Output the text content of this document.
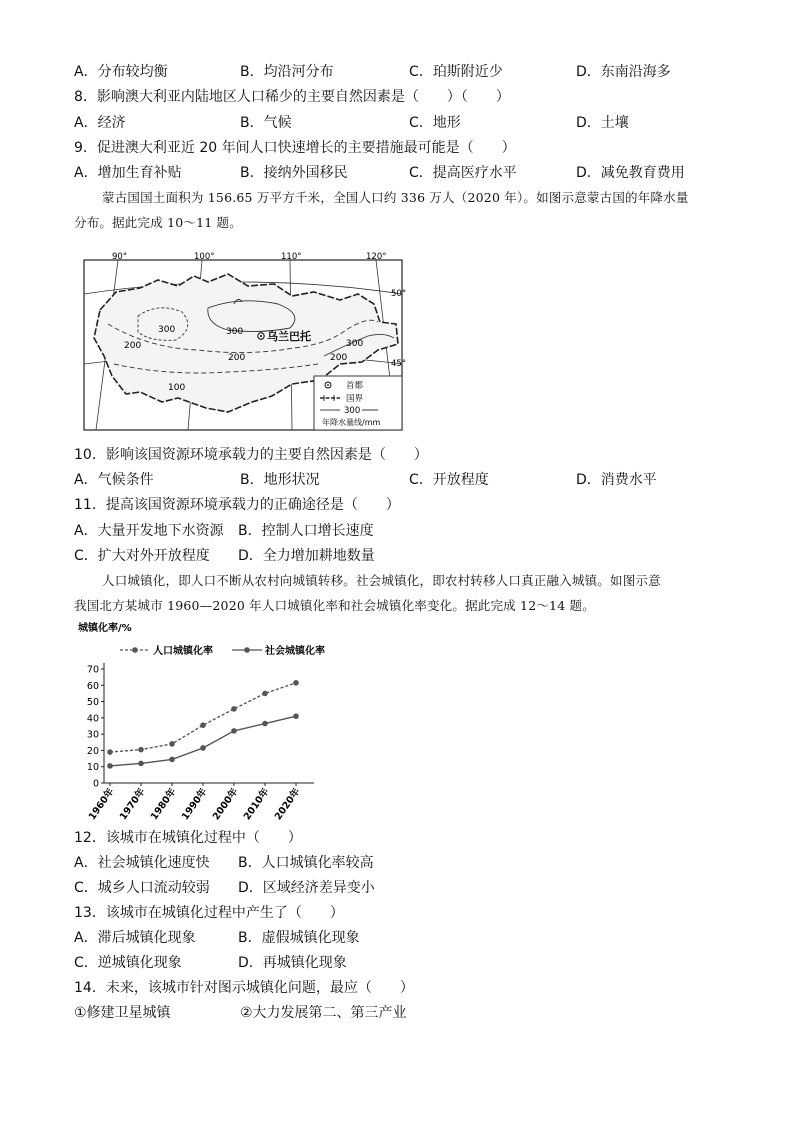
A．分布较均衡	B．均沿河分布	C．珀斯附近少	D．东南沿海多
8．影响澳大利亚内陆地区人口稀少的主要自然因素是（　　）（　　）
A．经济	B．气候	C．地形	D．土壤
9．促进澳大利亚近 20 年间人口快速增长的主要措施最可能是（　　）
A．增加生育补贴	B．接纳外国移民	C．提高医疗水平	D．减免教育费用
蒙古国国土面积为 156.65 万平方千米，全国人口约 336 万人（2020 年）。如图示意蒙古国的年降水量
分布。据此完成 10～11 题。
乌兰巴托
90°	100°	110°	120°
50°
45°
300
200
300
200
300
200
100	首都
国界
300
年降水量线/mm
10．影响该国资源环境承载力的主要自然因素是（　　）
A．气候条件	B．地形状况	C．开放程度	D．消费水平
11．提高该国资源环境承载力的正确途径是（　　）
A．大量开发地下水资源 B．控制人口增长速度
C．扩大对外开放程度 D．全力增加耕地数量
人口城镇化，即人口不断从农村向城镇转移。社会城镇化，即农村转移人口真正融入城镇。如图示意
我国北方某城市 1960—2020 年人口城镇化率和社会城镇化率变化。据此完成 12～14 题。
城镇化率/%
人口城镇化率	社会城镇化率
0
10
20
30
40
50
60
70
1960年 1970年 1980年 1990年 2000年 2010年 2020年
12．该城市在城镇化过程中（　　）
A．社会城镇化速度快 B．人口城镇化率较高
C．城乡人口流动较弱 D．区域经济差异变小
13．该城市在城镇化过程中产生了（　　）
A．滞后城镇化现象	B．虚假城镇化现象
C．逆城镇化现象	D．再城镇化现象
14．未来，该城市针对图示城镇化问题，最应（　　）
①修建卫星城镇	②大力发展第二、第三产业
